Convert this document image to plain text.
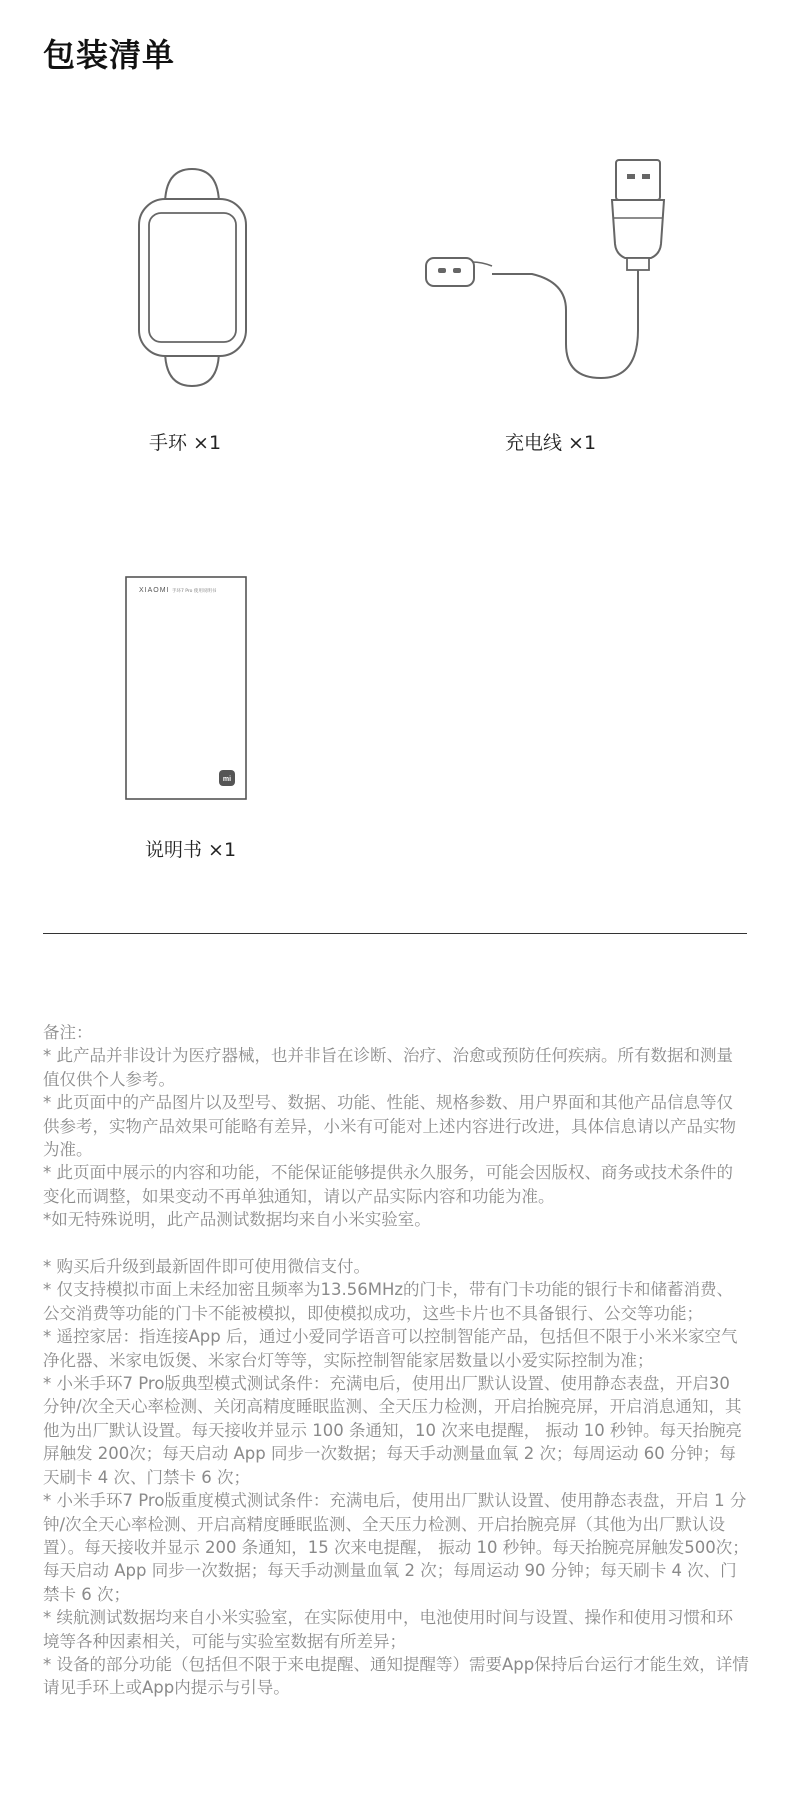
包装清单
手环 ×1	充电线 ×1
XIAOMI 手环7 Pro 使用说明书
mi
说明书 ×1

备注：

* 此产品并非设计为医疗器械，也并非旨在诊断、治疗、治愈或预防任何疾病。所有数据和测量值仅供个人参考。

* 此页面中的产品图片以及型号、数据、功能、性能、规格参数、用户界面和其他产品信息等仅供参考，实物产品效果可能略有差异，小米有可能对上述内容进行改进，具体信息请以产品实物为准。

* 此页面中展示的内容和功能，不能保证能够提供永久服务，可能会因版权、商务或技术条件的变化而调整，如果变动不再单独通知，请以产品实际内容和功能为准。

*如无特殊说明，此产品测试数据均来自小米实验室。

* 购买后升级到最新固件即可使用微信支付。

* 仅支持模拟市面上未经加密且频率为13.56MHz的门卡，带有门卡功能的银行卡和储蓄消费、公交消费等功能的门卡不能被模拟，即使模拟成功，这些卡片也不具备银行、公交等功能；

* 遥控家居：指连接App 后，通过小爱同学语音可以控制智能产品，包括但不限于小米米家空气净化器、米家电饭煲、米家台灯等等，实际控制智能家居数量以小爱实际控制为准；

* 小米手环7 Pro版典型模式测试条件：充满电后，使用出厂默认设置、使用静态表盘，开启30 分钟/次全天心率检测、关闭高精度睡眠监测、全天压力检测，开启抬腕亮屏，开启消息通知，其他为出厂默认设置。每天接收并显示 100 条通知，10 次来电提醒， 振动 10 秒钟。每天抬腕亮屏触发 200次；每天启动 App 同步一次数据；每天手动测量血氧 2 次；每周运动 60 分钟；每天刷卡 4 次、门禁卡 6 次；

* 小米手环7 Pro版重度模式测试条件：充满电后，使用出厂默认设置、使用静态表盘，开启 1 分钟/次全天心率检测、开启高精度睡眠监测、全天压力检测、开启抬腕亮屏（其他为出厂默认设置）。每天接收并显示 200 条通知，15 次来电提醒， 振动 10 秒钟。每天抬腕亮屏触发500次；每天启动 App 同步一次数据；每天手动测量血氧 2 次；每周运动 90 分钟；每天刷卡 4 次、门禁卡 6 次；

* 续航测试数据均来自小米实验室，在实际使用中，电池使用时间与设置、操作和使用习惯和环境等各种因素相关，可能与实验室数据有所差异；

* 设备的部分功能（包括但不限于来电提醒、通知提醒等）需要App保持后台运行才能生效，详情请见手环上或App内提示与引导。
